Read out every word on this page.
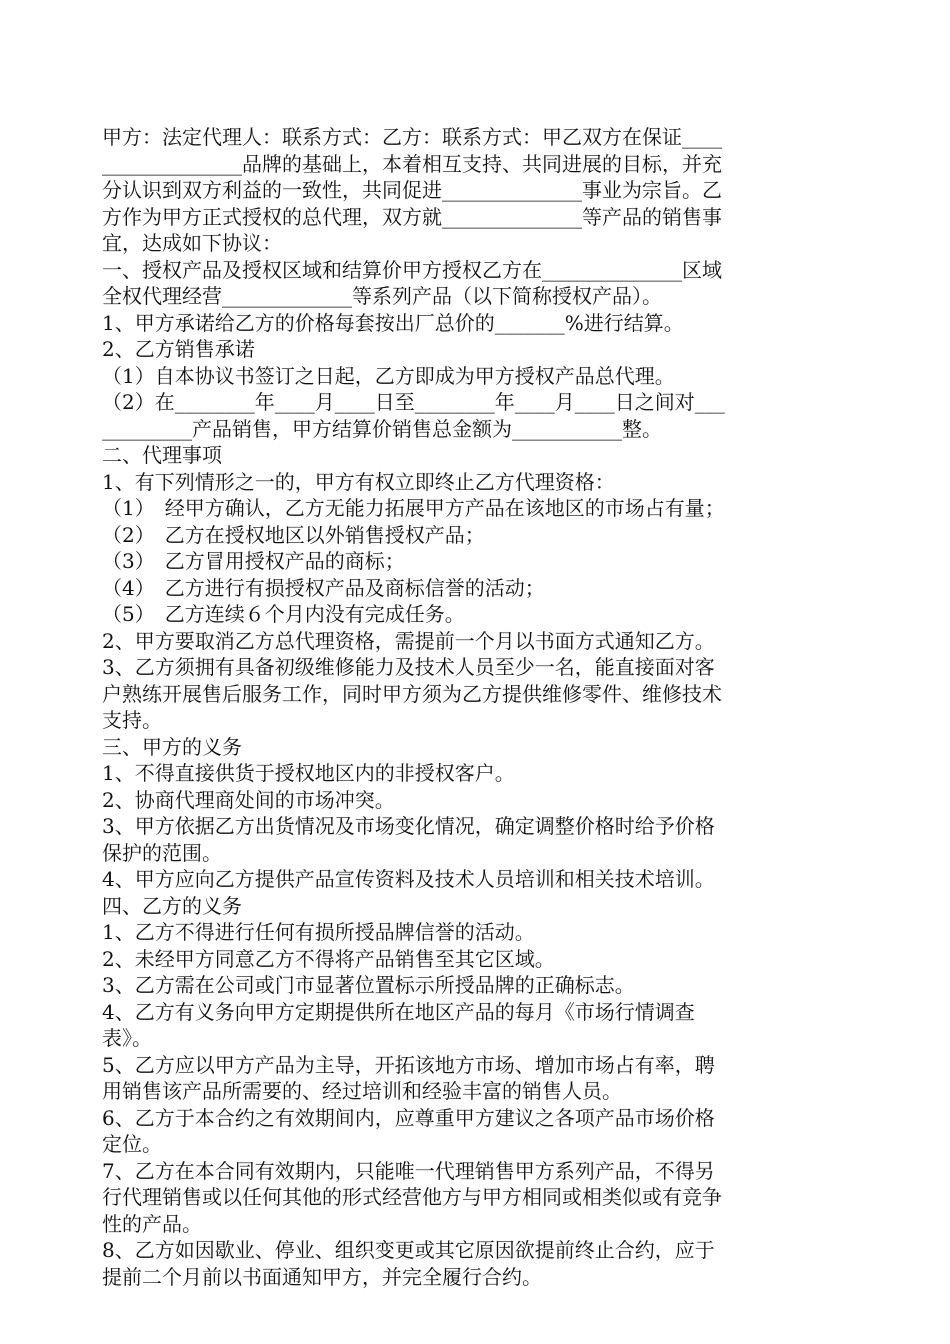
甲方：法定代理人：联系方式：乙方：联系方式：甲乙双方在保证____
______________品牌的基础上，本着相互支持、共同进展的目标，并充
分认识到双方利益的一致性，共同促进______________事业为宗旨。乙
方作为甲方正式授权的总代理，双方就______________等产品的销售事
宜，达成如下协议：
一、授权产品及授权区域和结算价甲方授权乙方在______________区域
全权代理经营_____________等系列产品（以下简称授权产品）。
1、甲方承诺给乙方的价格每套按出厂总价的_______%进行结算。
2、乙方销售承诺
（1）自本协议书签订之日起，乙方即成为甲方授权产品总代理。
（2）在________年____月____日至________年____月____日之间对___
_________产品销售，甲方结算价销售总金额为___________整。
二、代理事项
1、有下列情形之一的，甲方有权立即终止乙方代理资格：
（1）　经甲方确认，乙方无能力拓展甲方产品在该地区的市场占有量；
（2）　乙方在授权地区以外销售授权产品；
（3）　乙方冒用授权产品的商标；
（4）　乙方进行有损授权产品及商标信誉的活动；
（5）　乙方连续６个月内没有完成任务。
2、甲方要取消乙方总代理资格，需提前一个月以书面方式通知乙方。
3、乙方须拥有具备初级维修能力及技术人员至少一名，能直接面对客
户熟练开展售后服务工作，同时甲方须为乙方提供维修零件、维修技术
支持。
三、甲方的义务
1、不得直接供货于授权地区内的非授权客户。
2、协商代理商处间的市场冲突。
3、甲方依据乙方出货情况及市场变化情况，确定调整价格时给予价格
保护的范围。
4、甲方应向乙方提供产品宣传资料及技术人员培训和相关技术培训。
四、乙方的义务
1、乙方不得进行任何有损所授品牌信誉的活动。
2、未经甲方同意乙方不得将产品销售至其它区域。
3、乙方需在公司或门市显著位置标示所授品牌的正确标志。
4、乙方有义务向甲方定期提供所在地区产品的每月《市场行情调查
表》。
5、乙方应以甲方产品为主导，开拓该地方市场、增加市场占有率，聘
用销售该产品所需要的、经过培训和经验丰富的销售人员。
6、乙方于本合约之有效期间内，应尊重甲方建议之各项产品市场价格
定位。
7、乙方在本合同有效期内，只能唯一代理销售甲方系列产品，不得另
行代理销售或以任何其他的形式经营他方与甲方相同或相类似或有竞争
性的产品。
8、乙方如因歇业、停业、组织变更或其它原因欲提前终止合约，应于
提前二个月前以书面通知甲方，并完全履行合约。
